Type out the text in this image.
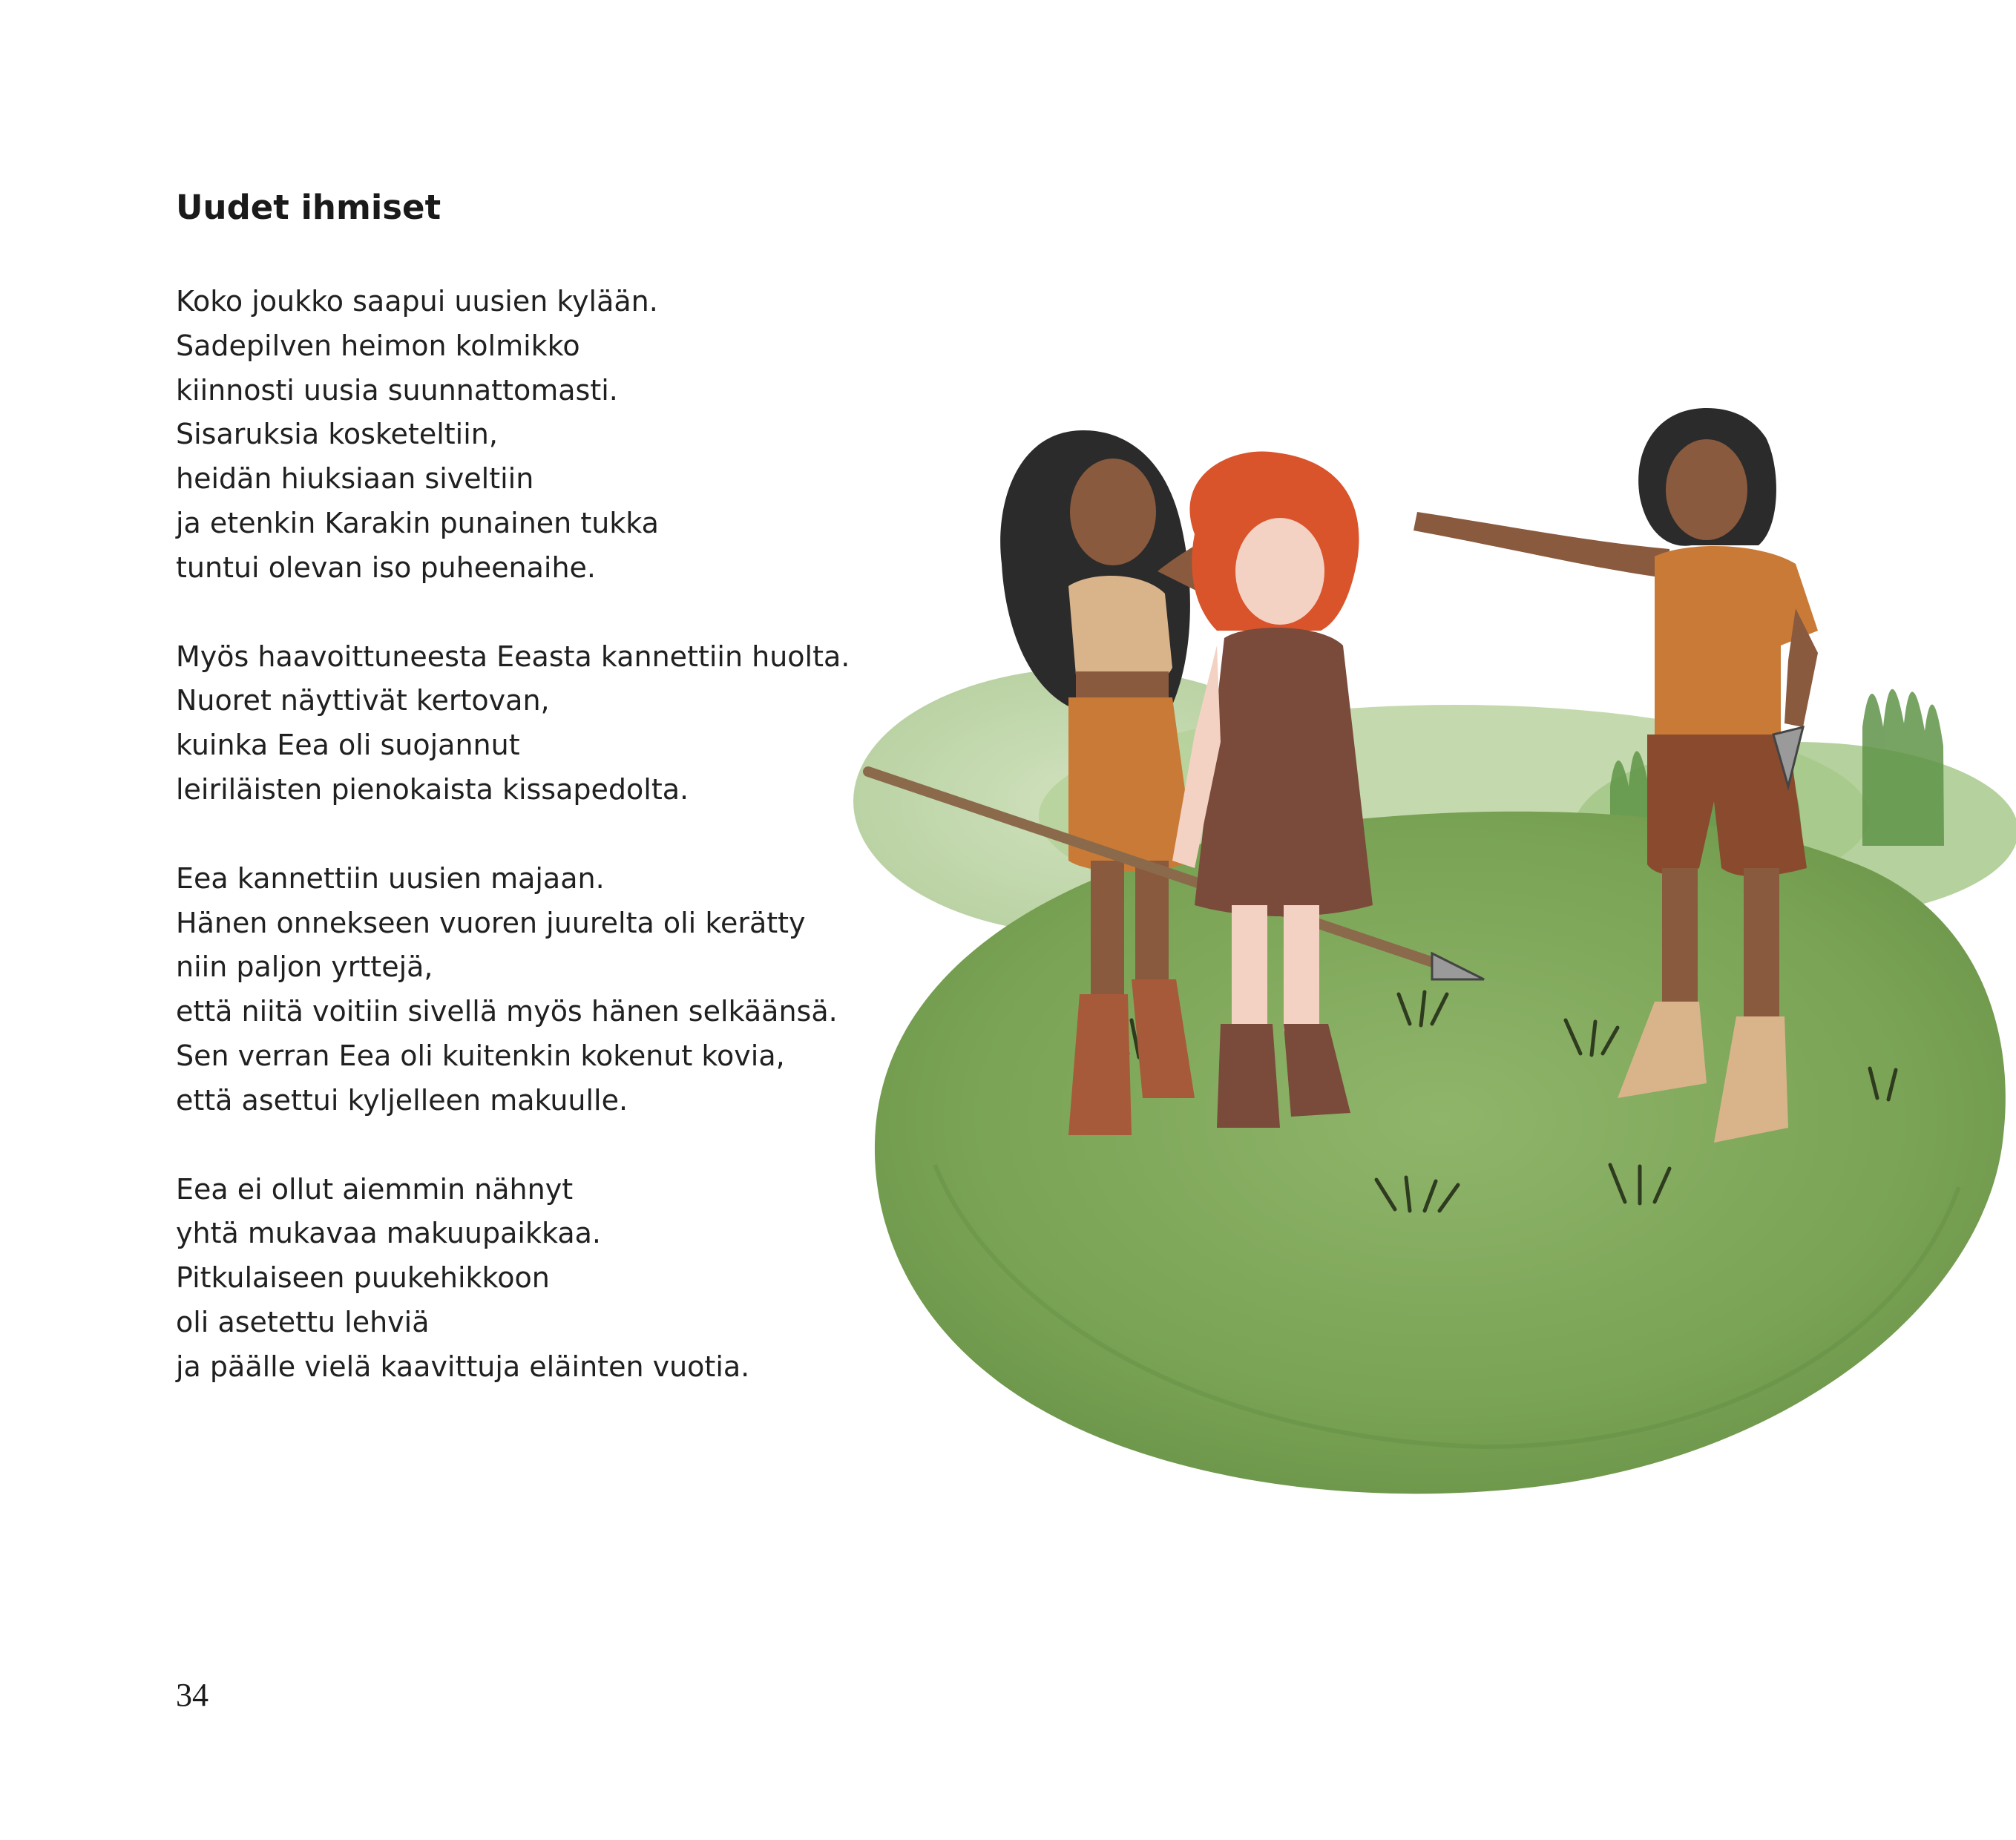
Uudet ihmiset

Koko joukko saapui uusien kylään.
Sadepilven heimon kolmikko
kiinnosti uusia suunnattomasti.
Sisaruksia kosketeltiin,
heidän hiuksiaan siveltiin
ja etenkin Karakin punainen tukka
tuntui olevan iso puheenaihe.

Myös haavoittuneesta Eeasta kannettiin huolta.
Nuoret näyttivät kertovan,
kuinka Eea oli suojannut
leiriläisten pienokaista kissapedolta.

Eea kannettiin uusien majaan.
Hänen onnekseen vuoren juurelta oli kerätty
niin paljon yrttejä,
että niitä voitiin sivellä myös hänen selkäänsä.
Sen verran Eea oli kuitenkin kokenut kovia,
että asettui kyljelleen makuulle.

Eea ei ollut aiemmin nähnyt
yhtä mukavaa makuupaikkaa.
Pitkulaiseen puukehikkoon
oli asetettu lehviä
ja päälle vielä kaavittuja eläinten vuotia.

34
